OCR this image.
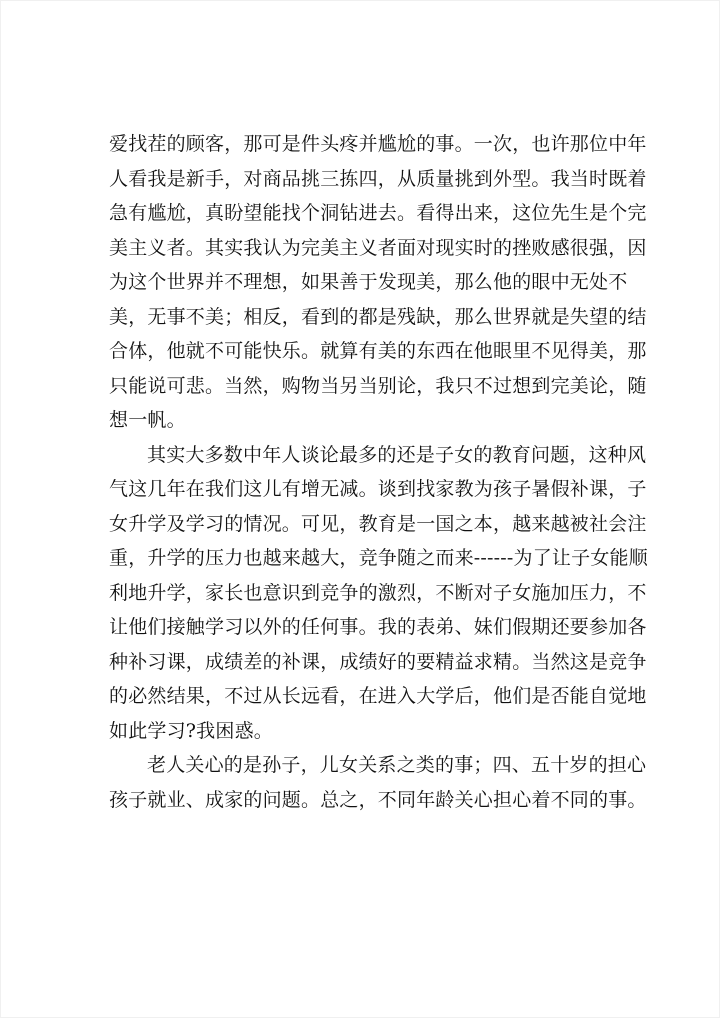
爱找茬的顾客，那可是件头疼并尴尬的事。一次，也许那位中年
人看我是新手，对商品挑三拣四，从质量挑到外型。我当时既着
急有尴尬，真盼望能找个洞钻进去。看得出来，这位先生是个完
美主义者。其实我认为完美主义者面对现实时的挫败感很强，因
为这个世界并不理想，如果善于发现美，那么他的眼中无处不
美，无事不美；相反，看到的都是残缺，那么世界就是失望的结
合体，他就不可能快乐。就算有美的东西在他眼里不见得美，那
只能说可悲。当然，购物当另当别论，我只不过想到完美论，随
想一帆。
其实大多数中年人谈论最多的还是子女的教育问题，这种风
气这几年在我们这儿有增无减。谈到找家教为孩子暑假补课，子
女升学及学习的情况。可见，教育是一国之本，越来越被社会注
重，升学的压力也越来越大，竞争随之而来------为了让子女能顺
利地升学，家长也意识到竞争的激烈，不断对子女施加压力，不
让他们接触学习以外的任何事。我的表弟、妹们假期还要参加各
种补习课，成绩差的补课，成绩好的要精益求精。当然这是竞争
的必然结果，不过从长远看，在进入大学后，他们是否能自觉地
如此学习?我困惑。
老人关心的是孙子，儿女关系之类的事；四、五十岁的担心
孩子就业、成家的问题。总之，不同年龄关心担心着不同的事。
